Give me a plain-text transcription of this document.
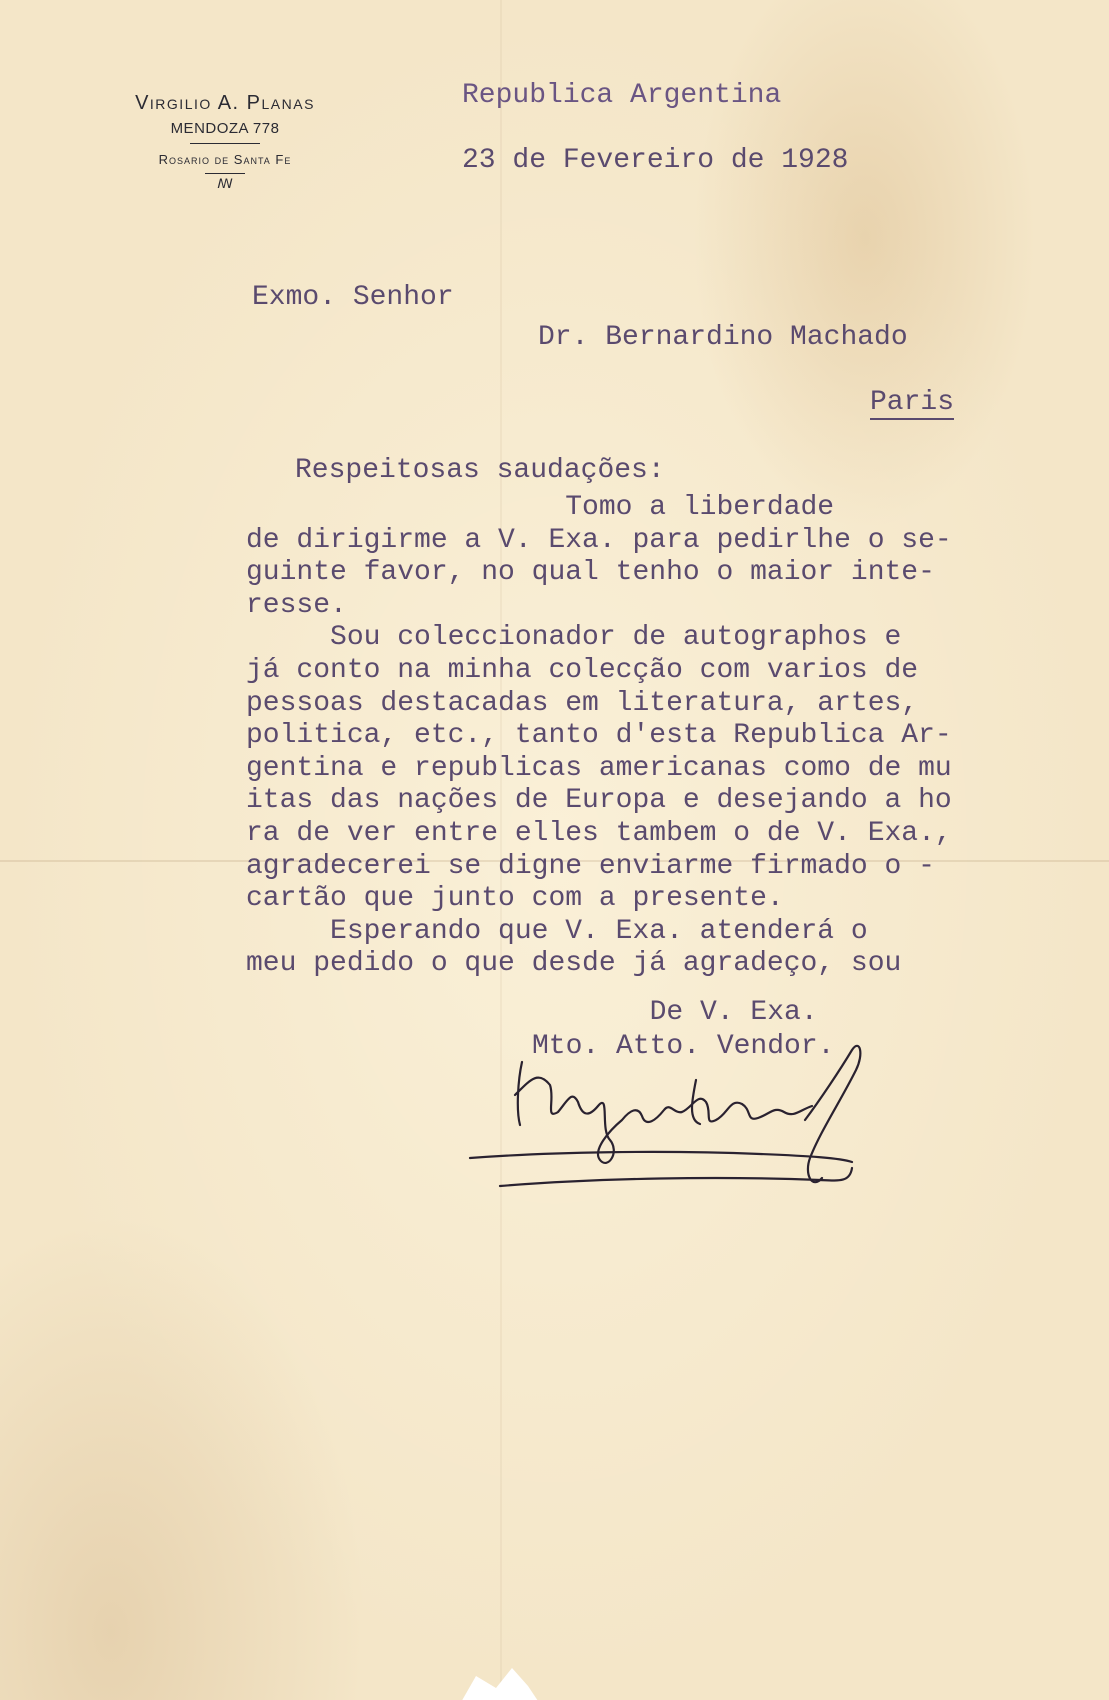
Virgilio A. Planas
MENDOZA 778
Rosario de Santa Fe
ꟿ
Republica Argentina
23 de Fevereiro de 1928
Exmo. Senhor
Dr. Bernardino Machado
Paris
Respeitosas saudações:
Tomo a liberdade
de dirigirme a V. Exa. para pedirlhe o se-
guinte favor, no qual tenho o maior inte-
resse.
Sou coleccionador de autographos e
já conto na minha colecção com varios de
pessoas destacadas em literatura, artes,
politica, etc., tanto d'esta Republica Ar-
gentina e republicas americanas como de mu
itas das nações de Europa e desejando a ho
ra de ver entre elles tambem o de V. Exa.,
agradecerei se digne enviarme firmado o -
cartão que junto com a presente.
Esperando que V. Exa. atenderá o
meu pedido o que desde já agradeço, sou
De V. Exa.
Mto. Atto. Vendor.
